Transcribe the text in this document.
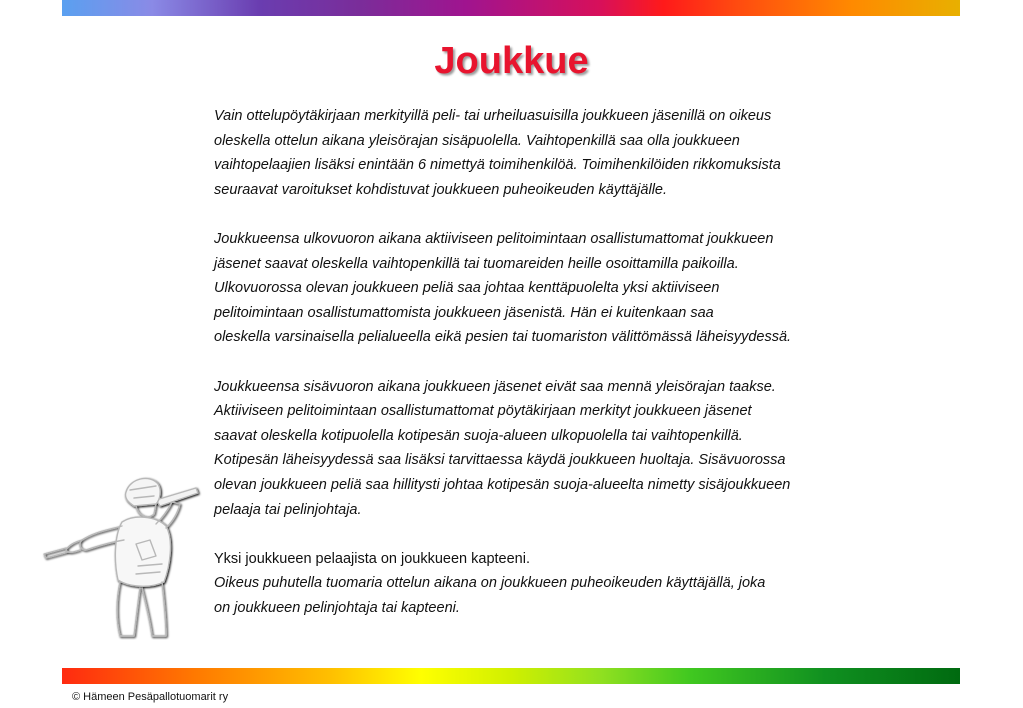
Joukkue

Vain ottelupöytäkirjaan merkityillä peli- tai urheiluasuisilla joukkueen jäsenillä on oikeus
oleskella ottelun aikana yleisörajan sisäpuolella. Vaihtopenkillä saa olla joukkueen
vaihtopelaajien lisäksi enintään 6 nimettyä toimihenkilöä. Toimihenkilöiden rikkomuksista
seuraavat varoitukset kohdistuvat joukkueen puheoikeuden käyttäjälle.

Joukkueensa ulkovuoron aikana aktiiviseen pelitoimintaan osallistumattomat joukkueen
jäsenet saavat oleskella vaihtopenkillä tai tuomareiden heille osoittamilla paikoilla.
Ulkovuorossa olevan joukkueen peliä saa johtaa kenttäpuolelta yksi aktiiviseen
pelitoimintaan osallistumattomista joukkueen jäsenistä. Hän ei kuitenkaan saa
oleskella varsinaisella pelialueella eikä pesien tai tuomariston välittömässä läheisyydessä.

Joukkueensa sisävuoron aikana joukkueen jäsenet eivät saa mennä yleisörajan taakse.
Aktiiviseen pelitoimintaan osallistumattomat pöytäkirjaan merkityt joukkueen jäsenet
saavat oleskella kotipuolella kotipesän suoja-alueen ulkopuolella tai vaihtopenkillä.
Kotipesän läheisyydessä saa lisäksi tarvittaessa käydä joukkueen huoltaja. Sisävuorossa
olevan joukkueen peliä saa hillitysti johtaa kotipesän suoja-alueelta nimetty sisäjoukkueen
pelaaja tai pelinjohtaja.

Yksi joukkueen pelaajista on joukkueen kapteeni.
Oikeus puhutella tuomaria ottelun aikana on joukkueen puheoikeuden käyttäjällä, joka
on joukkueen pelinjohtaja tai kapteeni.

© Hämeen Pesäpallotuomarit ry
